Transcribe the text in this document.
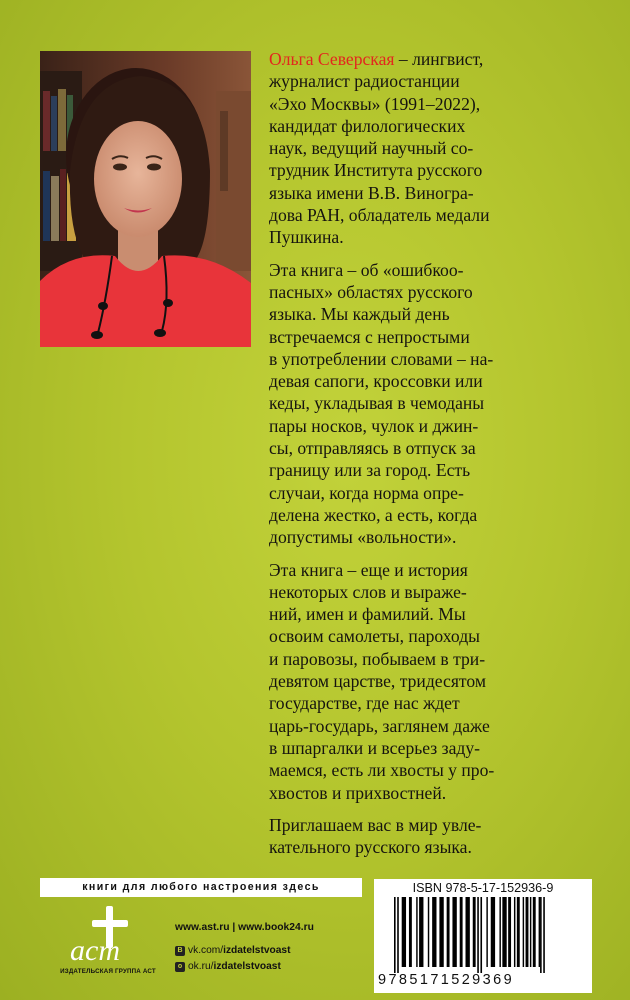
Ольга Северская – лингвист,
журналист радиостанции
«Эхо Москвы» (1991–2022),
кандидат филологических
наук, ведущий научный со-
трудник Института русского
языка имени В.В. Виногра-
дова РАН, обладатель медали
Пушкина.

Эта книга – об «ошибкоо-
пасных» областях русского
языка. Мы каждый день
встречаемся с непростыми
в употреблении словами – на-
девая сапоги, кроссовки или
кеды, укладывая в чемоданы
пары носков, чулок и джин-
сы, отправляясь в отпуск за
границу или за город. Есть
случаи, когда норма опре-
делена жестко, а есть, когда
допустимы «вольности».

Эта книга – еще и история
некоторых слов и выраже-
ний, имен и фамилий. Мы
освоим самолеты, пароходы
и паровозы, побываем в три-
девятом царстве, тридесятом
государстве, где нас ждет
царь-государь, заглянем даже
в шпаргалки и всерьез заду-
маемся, есть ли хвосты у про-
хвостов и прихвостней.

Приглашаем вас в мир увле-
кательного русского языка.

книги для любого настроения здесь
аст
ИЗДАТЕЛЬСКАЯ ГРУППА АСТ
www.ast.ru | www.book24.ru
В vk.com/ izdatelstvoast
о ok.ru/ izdatelstvoast
ISBN 978-5-17-152936-9
9785171529369
